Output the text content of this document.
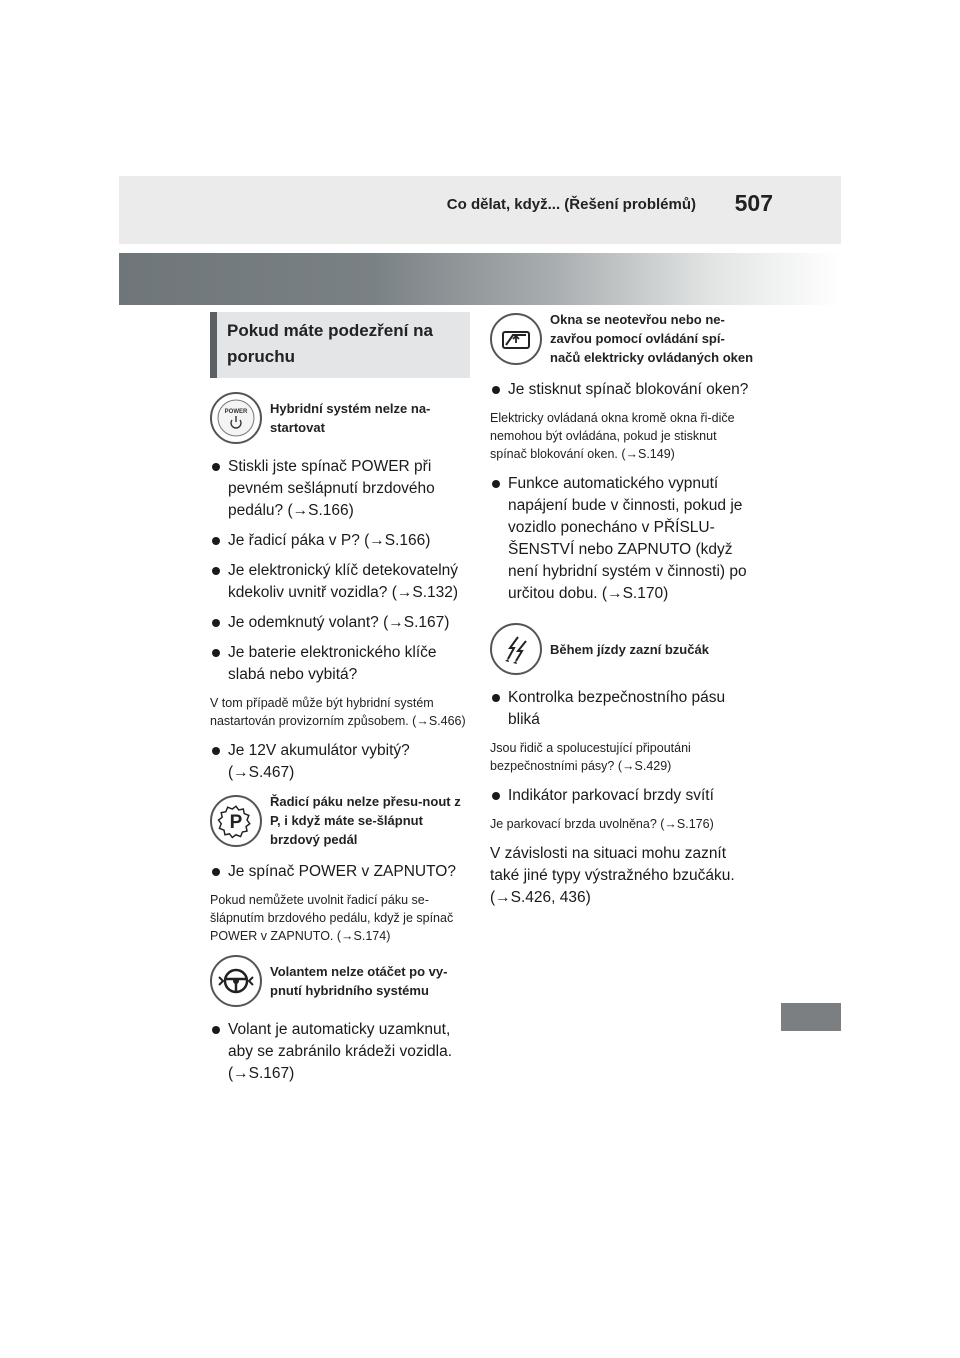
Co dělat, když... (Řešení problémů) 507
Pokud máte podezření na poruchu
POWER Hybridní systém nelze na-startovat
Stiskli jste spínač POWER při pevném sešlápnutí brzdového pedálu? (→S.166)
Je řadicí páka v P? (→S.166)
Je elektronický klíč detekovatelný kdekoliv uvnitř vozidla? (→S.132)
Je odemknutý volant? (→S.167)
Je baterie elektronického klíče slabá nebo vybitá?
V tom případě může být hybridní systém nastartován provizorním způsobem. (→S.466)
Je 12V akumulátor vybitý? (→S.467)
P
Řadicí páku nelze přesu-nout z P, i když máte se-šlápnut brzdový pedál
Je spínač POWER v ZAPNUTO?
Pokud nemůžete uvolnit řadicí páku se-šlápnutím brzdového pedálu, když je spínač POWER v ZAPNUTO. (→S.174)
Volantem nelze otáčet po vy-pnutí hybridního systému
Volant je automaticky uzamknut, aby se zabránilo krádeži vozidla. (→S.167)
Okna se neotevřou nebo ne-zavřou pomocí ovládání spí-načů elektricky ovládaných oken
Je stisknut spínač blokování oken?
Elektricky ovládaná okna kromě okna ři-diče nemohou být ovládána, pokud je stisknut spínač blokování oken. (→S.149)
Funkce automatického vypnutí napájení bude v činnosti, pokud je vozidlo ponecháno v PŘÍSLU-ŠENSTVÍ nebo ZAPNUTO (když není hybridní systém v činnosti) po určitou dobu. (→S.170)
Během jízdy zazní bzučák
Kontrolka bezpečnostního pásu bliká
Jsou řidič a spolucestující připoutáni bezpečnostními pásy? (→S.429)
Indikátor parkovací brzdy svítí
Je parkovací brzda uvolněna? (→S.176)
V závislosti na situaci mohu zaznít také jiné typy výstražného bzučáku. (→S.426, 436)
